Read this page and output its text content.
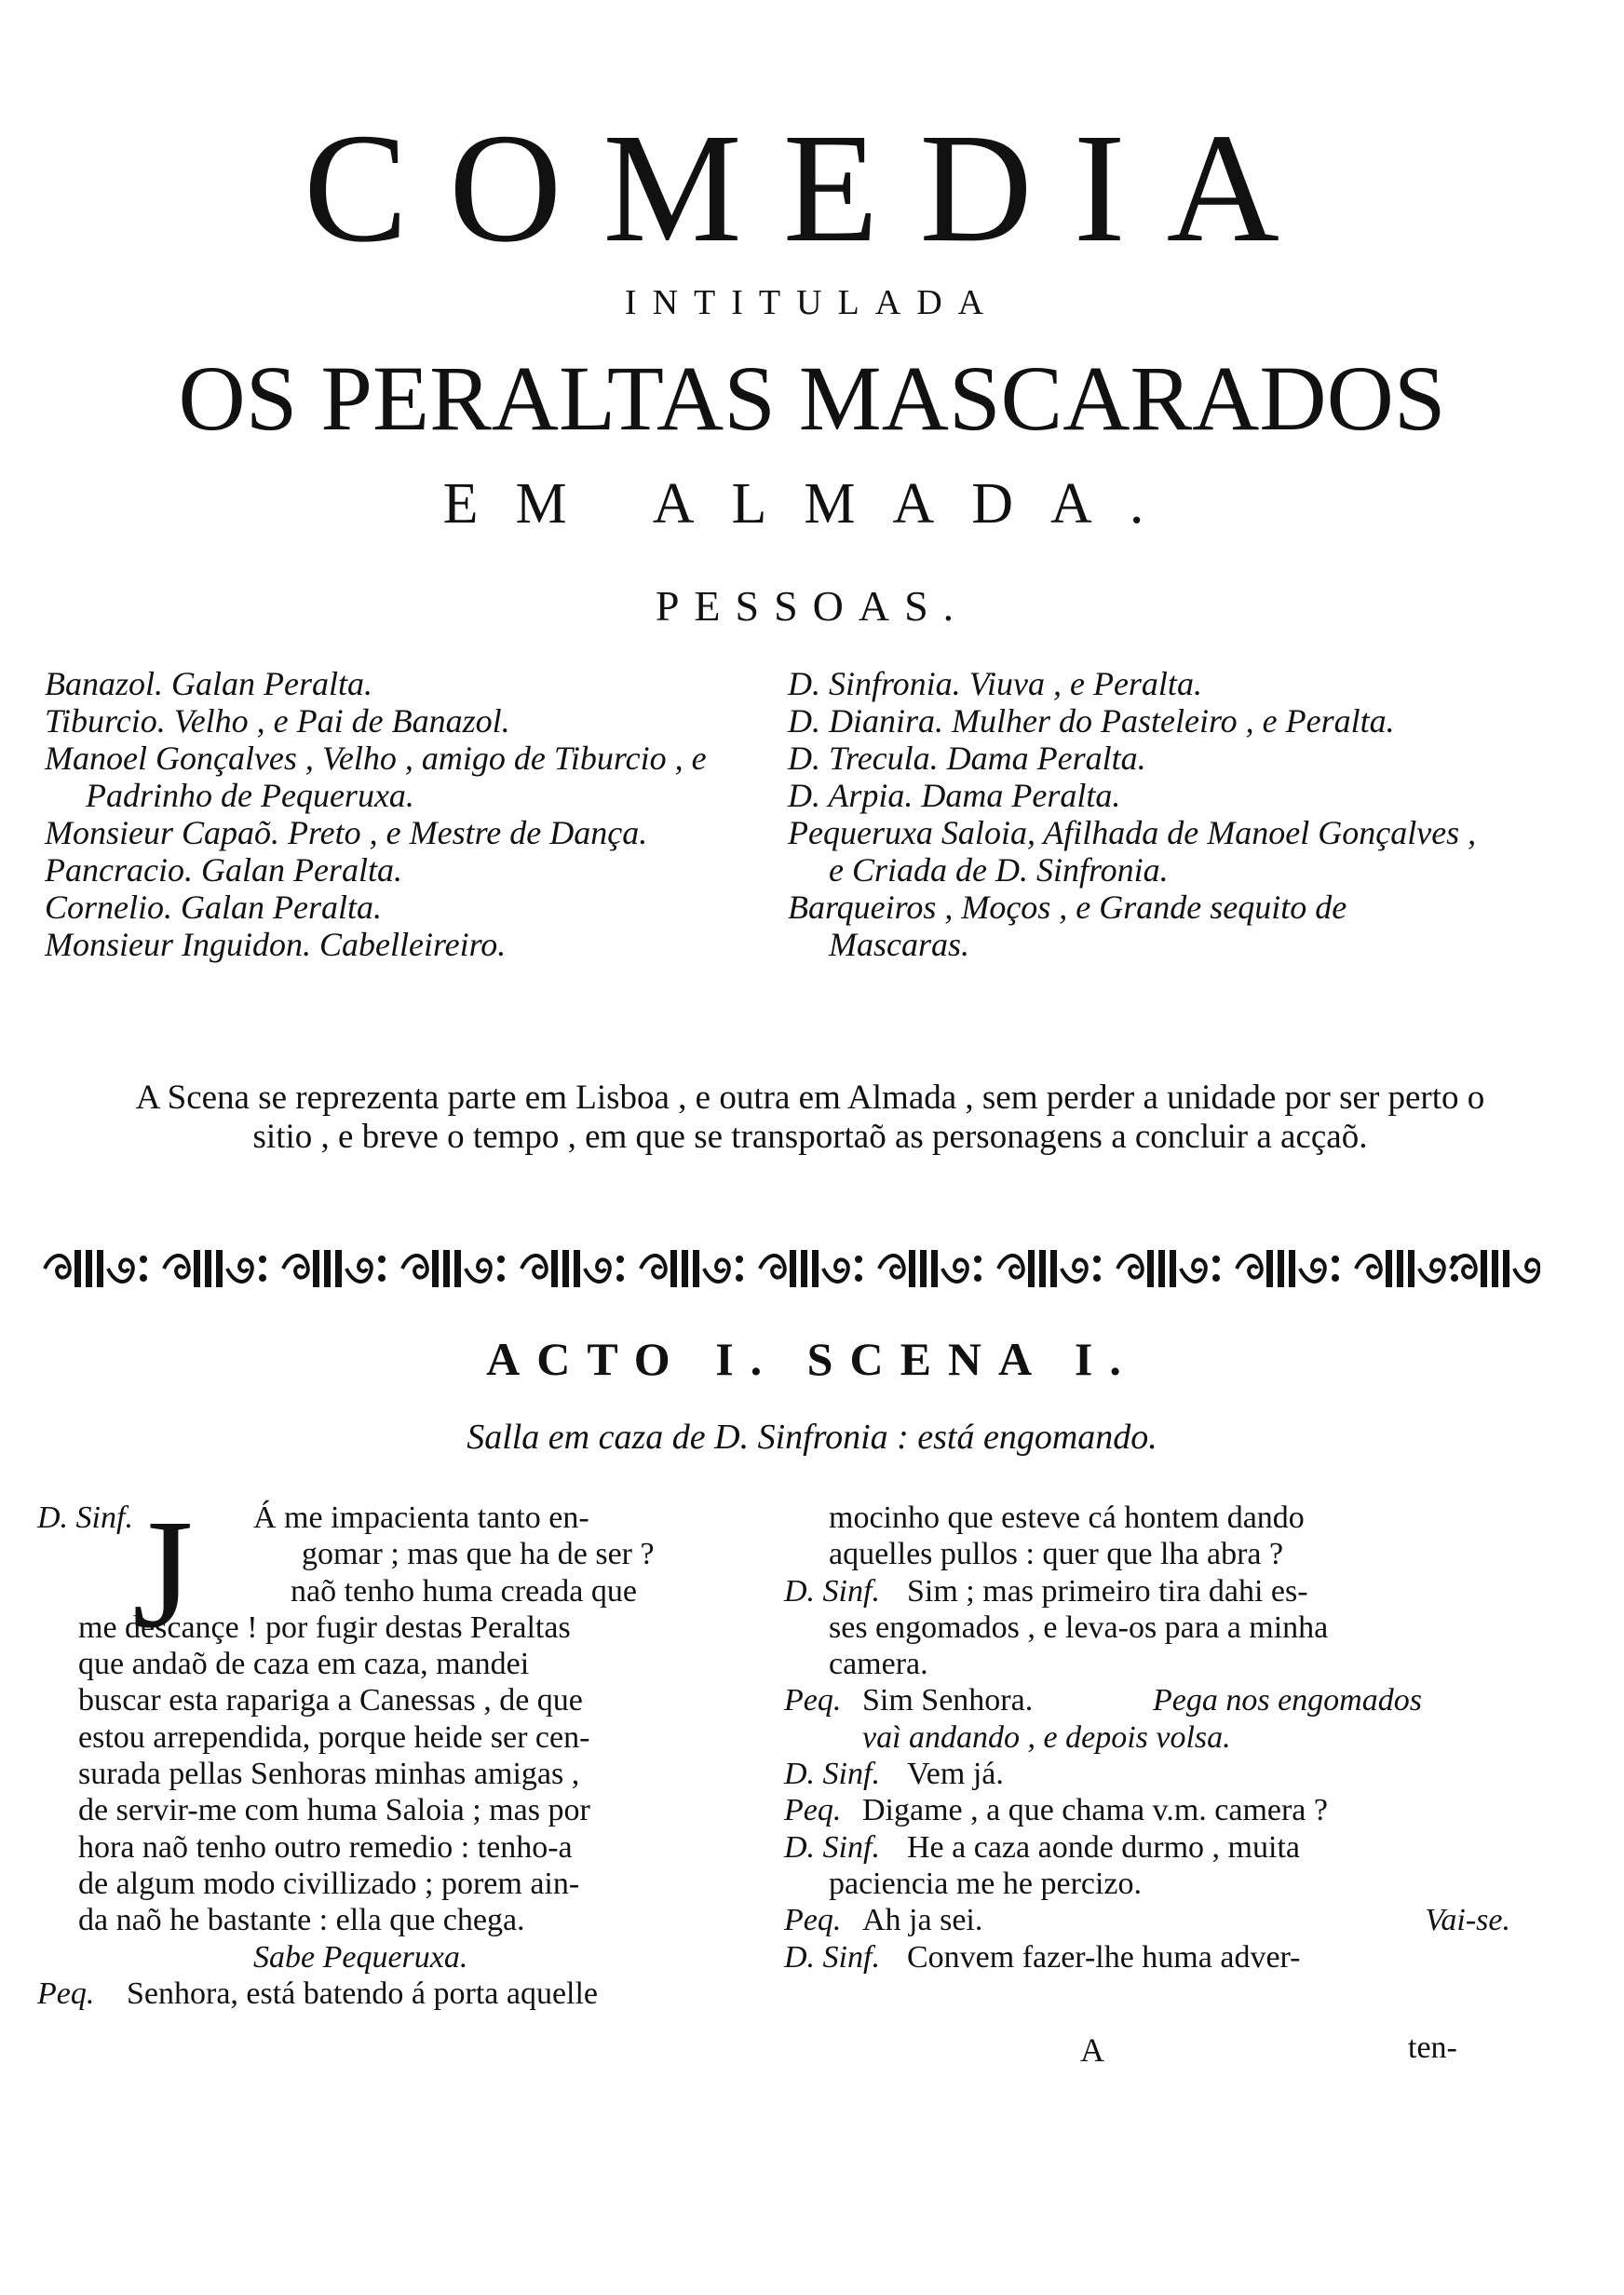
COMEDIA
INTITULADA
OS PERALTAS MASCARADOS
EM ALMADA.
PESSOAS.

Banazol. Galan Peralta.

Tiburcio. Velho , e Pai de Banazol.

Manoel Gonçalves , Velho , amigo de Tiburcio , e Padrinho de Pequeruxa.

Monsieur Capaõ. Preto , e Mestre de Dança.

Pancracio. Galan Peralta.

Cornelio. Galan Peralta.

Monsieur Inguidon. Cabelleireiro.

D. Sinfronia. Viuva , e Peralta.

D. Dianira. Mulher do Pasteleiro , e Peralta.

D. Trecula. Dama Peralta.

D. Arpia. Dama Peralta.

Pequeruxa Saloia, Afilhada de Manoel Gonçalves , e Criada de D. Sinfronia.

Barqueiros , Moços , e Grande sequito de Mascaras.

A Scena se reprezenta parte em Lisboa , e outra em Almada , sem perder a unidade por ser perto o sitio , e breve o tempo , em que se transportaõ as personagens a concluir a acçaõ.

ACTO I. SCENA I.
Salla em caza de D. Sinfronia : está engomando.
J
D. Sinf.	Á me impacienta tanto en-
gomar ; mas que ha de ser ?
naõ tenho huma creada que
me descançe ! por fugir destas Peraltas
que andaõ de caza em caza, mandei
buscar esta rapariga a Canessas , de que
estou arrependida, porque heide ser cen-
surada pellas Senhoras minhas amigas ,
de servir-me com huma Saloia ; mas por
hora naõ tenho outro remedio : tenho-a
de algum modo civillizado ; porem ain-
da naõ he bastante : ella que chega.
Sabe Pequeruxa.
Peq. Senhora, está batendo á porta aquelle
mocinho que esteve cá hontem dando
aquelles pullos : quer que lha abra ?
D. Sinf. Sim ; mas primeiro tira dahi es-
ses engomados , e leva-os para a minha
camera.
Peq. Sim Senhora.	Pega nos engomados
vaì andando , e depois volsa.
D. Sinf. Vem já.
Peq. Digame , a que chama v.m. camera ?
D. Sinf. He a caza aonde durmo , muita
paciencia me he percizo.
Peq. Ah ja sei.	Vai-se.
D. Sinf. Convem fazer-lhe huma adver-
A	ten-
